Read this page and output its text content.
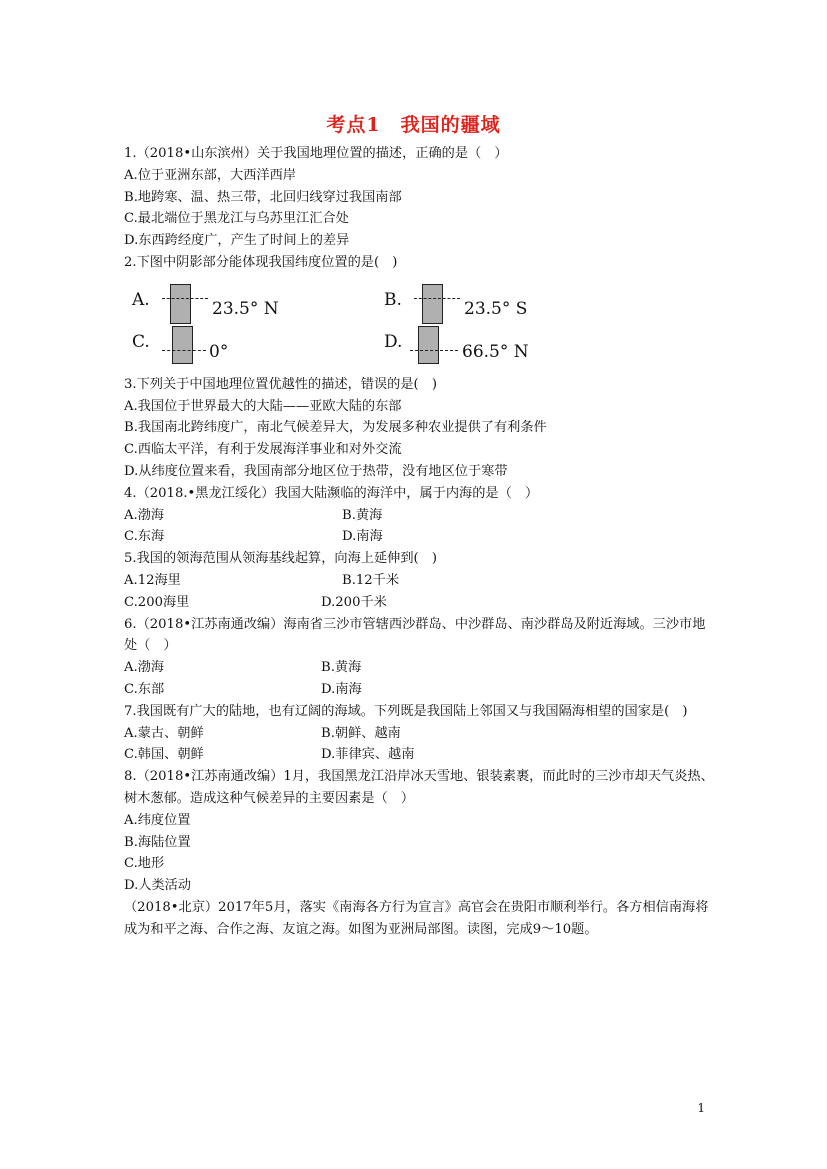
考点1　我国的疆域
1.（2018•山东滨州）关于我国地理位置的描述，正确的是（　）
A.位于亚洲东部，大西洋西岸
B.地跨寒、温、热三带，北回归线穿过我国南部
C.最北端位于黑龙江与乌苏里江汇合处
D.东西跨经度广，产生了时间上的差异
2.下图中阴影部分能体现我国纬度位置的是(　)
A.	23.5° N	B.	23.5° S
C.	0°	D.	66.5° N
3.下列关于中国地理位置优越性的描述，错误的是(　)
A.我国位于世界最大的大陆——亚欧大陆的东部
B.我国南北跨纬度广，南北气候差异大，为发展多种农业提供了有利条件
C.西临太平洋，有利于发展海洋事业和对外交流
D.从纬度位置来看，我国南部分地区位于热带，没有地区位于寒带
4.（2018.•黑龙江绥化）我国大陆濒临的海洋中，属于内海的是（　）
A.渤海	B.黄海
C.东海	D.南海
5.我国的领海范围从领海基线起算，向海上延伸到(　)
A.12海里	B.12千米
C.200海里	D.200千米
6.（2018•江苏南通改编）海南省三沙市管辖西沙群岛、中沙群岛、南沙群岛及附近海域。三沙市地处（　）
A.渤海	B.黄海
C.东部	D.南海
7.我国既有广大的陆地，也有辽阔的海域。下列既是我国陆上邻国又与我国隔海相望的国家是(　)
A.蒙古、朝鲜	B.朝鲜、越南
C.韩国、朝鲜	D.菲律宾、越南
8.（2018•江苏南通改编）1月，我国黑龙江沿岸冰天雪地、银装素裹，而此时的三沙市却天气炎热、树木葱郁。造成这种气候差异的主要因素是（　）
A.纬度位置
B.海陆位置
C.地形
D.人类活动
（2018•北京）2017年5月，落实《南海各方行为宣言》高官会在贵阳市顺利举行。各方相信南海将成为和平之海、合作之海、友谊之海。如图为亚洲局部图。读图，完成9～10题。
1
